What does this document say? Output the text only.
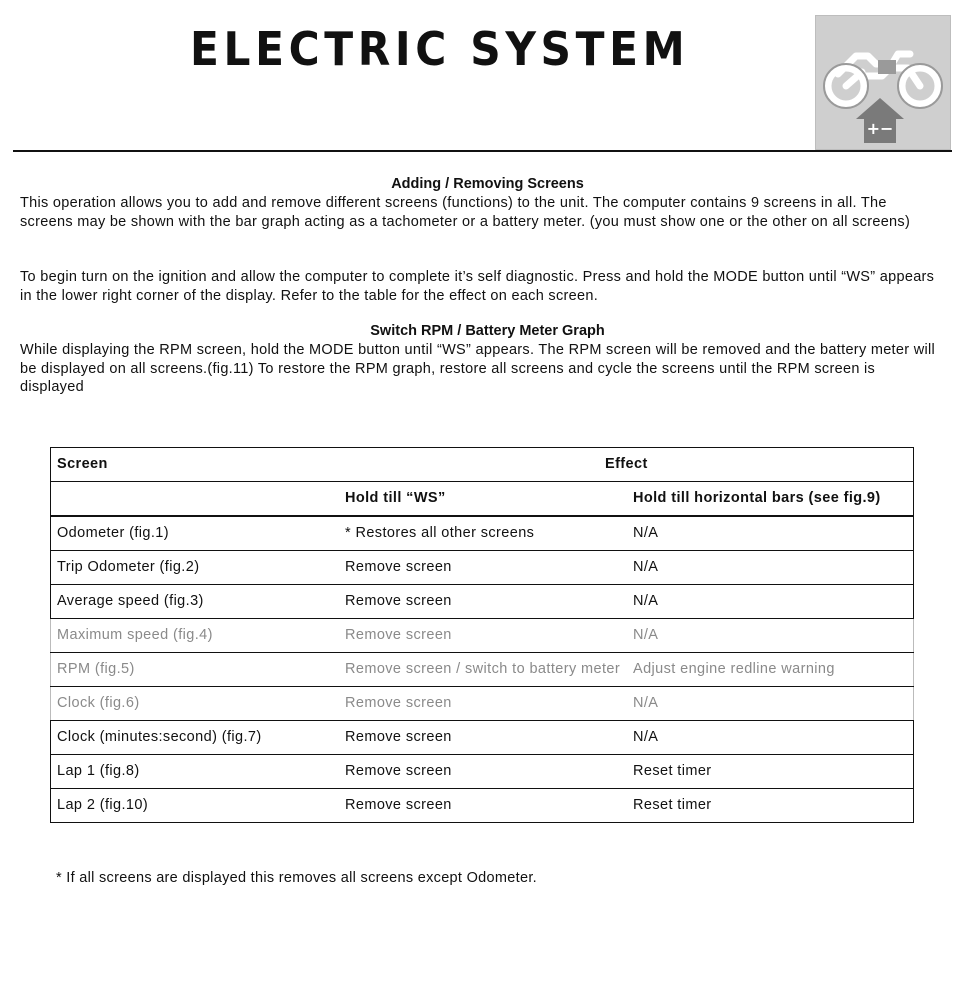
ELECTRIC SYSTEM
+−
Adding / Removing Screens

This operation allows you to add and remove different screens (functions) to the unit. The computer contains 9 screens in all. The screens may be shown with the bar graph acting as a tachometer or a battery meter. (you must show one or the other on all screens)

To begin turn on the ignition and allow the computer to complete it’s self diagnostic. Press and hold the MODE button until “WS” appears in the lower right corner of the display. Refer to the table for the effect on each screen.

Switch RPM / Battery Meter Graph

While displaying the RPM screen, hold the MODE button until “WS” appears. The RPM screen will be removed and the battery meter will be displayed on all screens.(fig.11) To restore the RPM graph, restore all screens and cycle the screens until the RPM screen is displayed

Screen	Effect	
	Hold till “WS”	Hold till horizontal bars (see fig.9)
Odometer (fig.1)	* Restores all other screens	N/A
Trip Odometer (fig.2)	Remove screen	N/A
Average speed (fig.3)	Remove screen	N/A
Maximum speed (fig.4)	Remove screen	N/A
RPM (fig.5)	Remove screen / switch to battery meter	Adjust engine redline warning
Clock (fig.6)	Remove screen	N/A
Clock (minutes:second) (fig.7)	Remove screen	N/A
Lap 1 (fig.8)	Remove screen	Reset timer
Lap 2 (fig.10)	Remove screen	Reset timer
* If all screens are displayed this removes all screens except Odometer.
